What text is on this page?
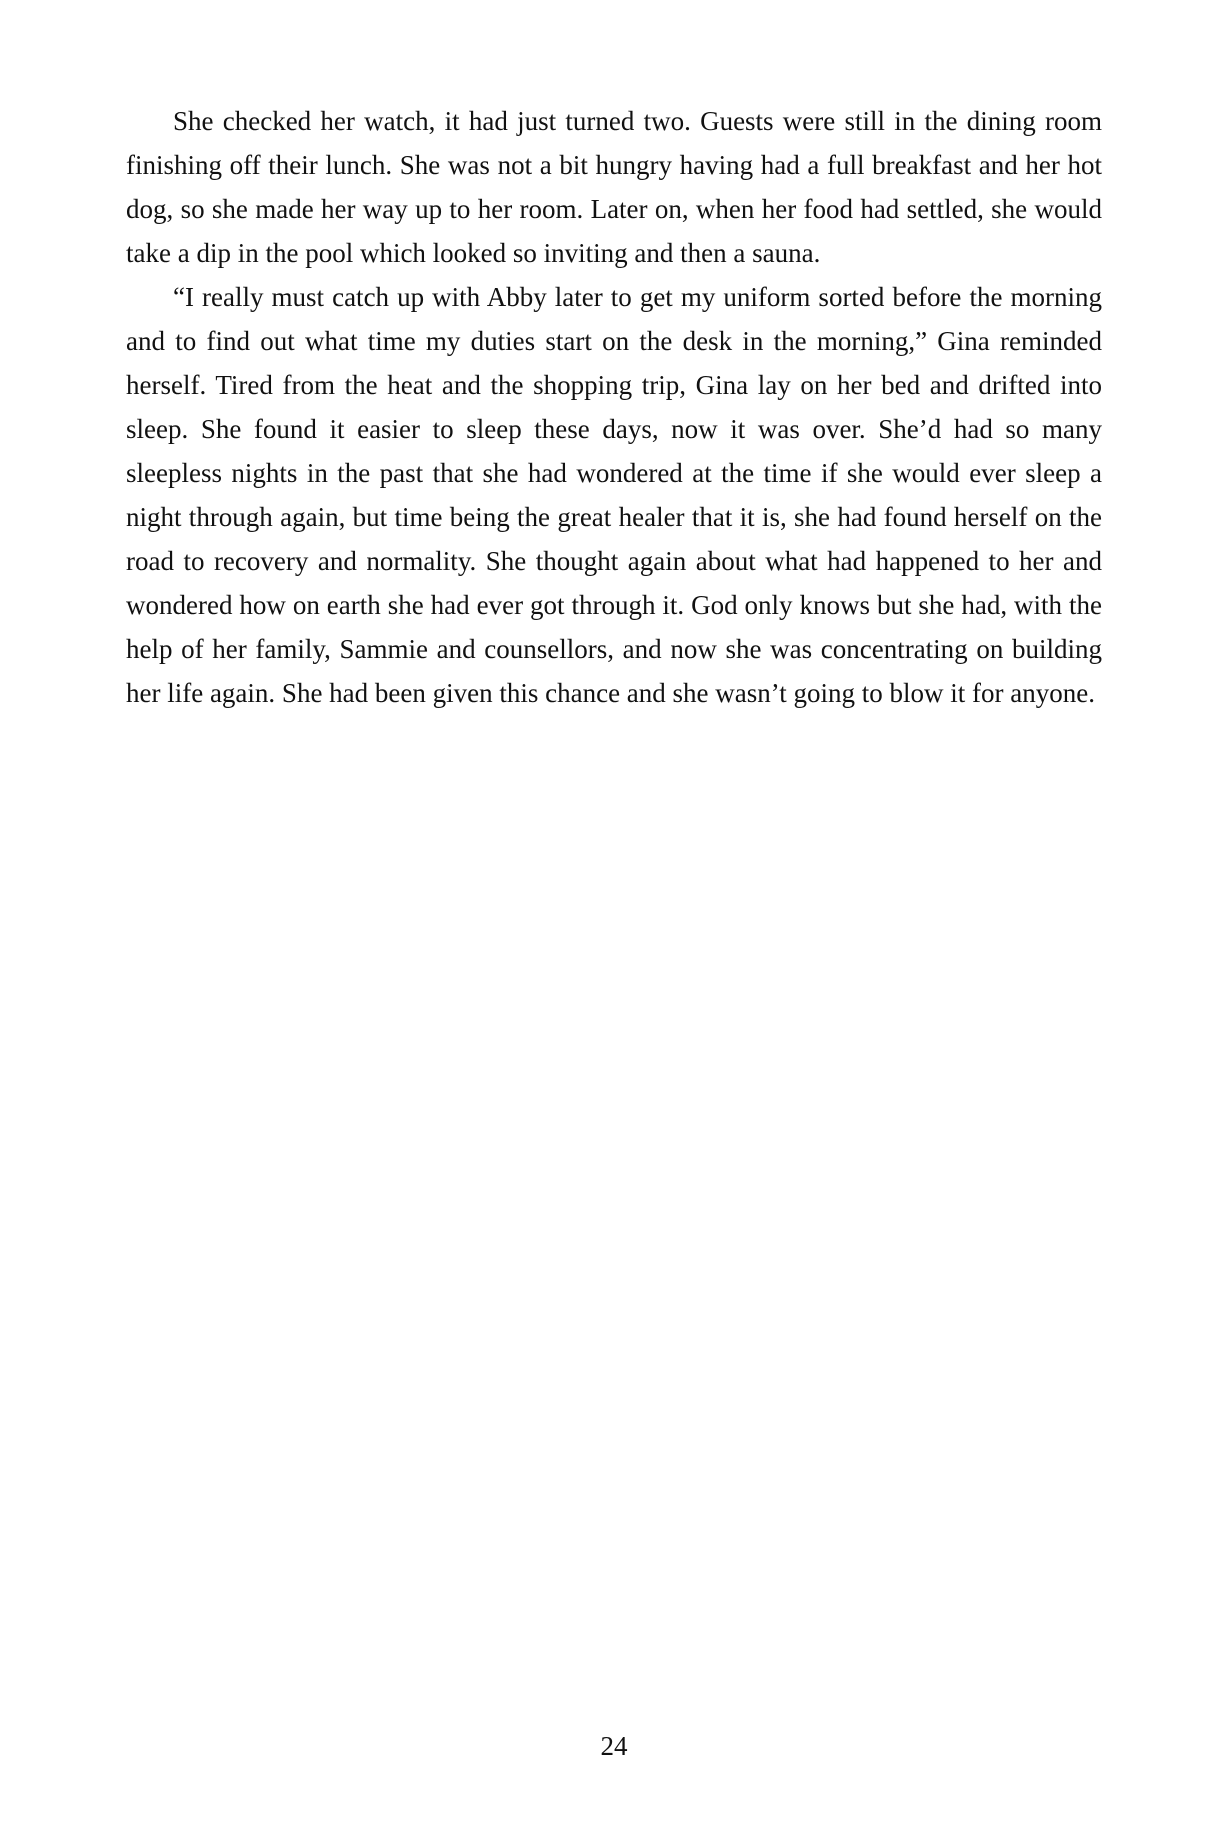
She checked her watch, it had just turned two. Guests were still in the dining room finishing off their lunch. She was not a bit hungry having had a full breakfast and her hot dog, so she made her way up to her room. Later on, when her food had settled, she would take a dip in the pool which looked so inviting and then a sauna.

“I really must catch up with Abby later to get my uniform sorted before the morning and to find out what time my duties start on the desk in the morning,” Gina reminded herself. Tired from the heat and the shopping trip, Gina lay on her bed and drifted into sleep. She found it easier to sleep these days, now it was over. She’d had so many sleepless nights in the past that she had wondered at the time if she would ever sleep a night through again, but time being the great healer that it is, she had found herself on the road to recovery and normality. She thought again about what had happened to her and wondered how on earth she had ever got through it. God only knows but she had, with the help of her family, Sammie and counsellors, and now she was concentrating on building her life again. She had been given this chance and she wasn’t going to blow it for anyone.

24
